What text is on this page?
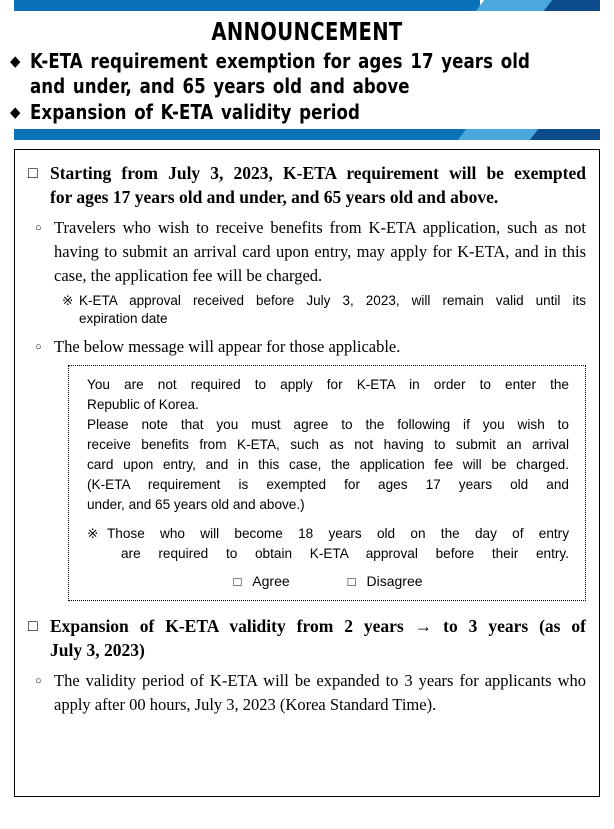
ANNOUNCEMENT
◆ K-ETA requirement exemption for ages 17 years old and under, and 65 years old and above
◆ Expansion of K-ETA validity period
□ Starting from July 3, 2023, K-ETA requirement will be exempted
for ages 17 years old and under, and 65 years old and above.
○ Travelers who wish to receive benefits from K-ETA application, such as not having to submit an arrival card upon entry, may apply for K-ETA, and in this case, the application fee will be charged.
※ K-ETA approval received before July 3, 2023, will remain valid until its
expiration date
○ The below message will appear for those applicable.

You are not required to apply for K-ETA in order to enter the
Republic of Korea.
Please note that you must agree to the following if you wish to
receive benefits from K-ETA, such as not having to submit an arrival
card upon entry, and in this case, the application fee will be charged.
(K-ETA requirement is exempted for ages 17 years old and
under, and 65 years old and above.)

※ Those who will become 18 years old on the day of entry
are required to obtain K-ETA approval before their entry.
□ Agree	□ Disagree
□ Expansion of K-ETA validity from 2 years → to 3 years (as of
July 3, 2023)
○ The validity period of K-ETA will be expanded to 3 years for applicants who apply after 00 hours, July 3, 2023 (Korea Standard Time).
